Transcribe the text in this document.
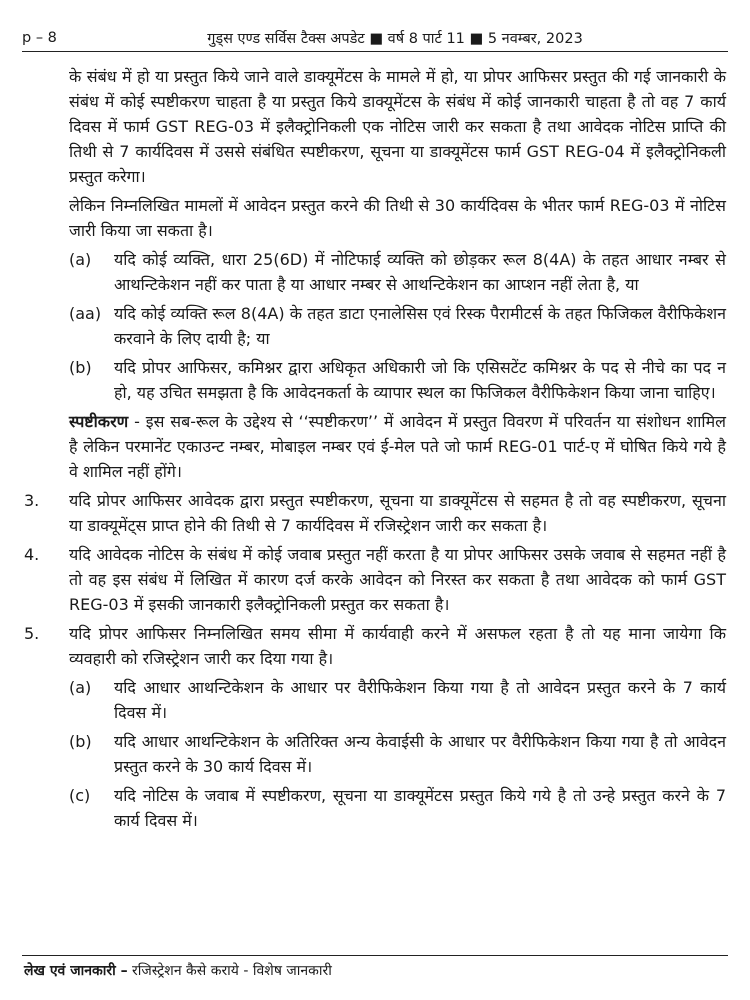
p – 8	गुड्स एण्ड सर्विस टैक्स अपडेट ■ वर्ष 8 पार्ट 11 ■ 5 नवम्बर, 2023

के संबंध में हो या प्रस्तुत किये जाने वाले डाक्यूमेंटस के मामले में हो, या प्रोपर आफिसर प्रस्तुत की गई जानकारी के संबंध में कोई स्पष्टीकरण चाहता है या प्रस्तुत किये डाक्यूमेंटस के संबंध में कोई जानकारी चाहता है तो वह 7 कार्य दिवस में फार्म GST REG-03 में इलैक्ट्रोनिकली एक नोटिस जारी कर सकता है तथा आवेदक नोटिस प्राप्ति की तिथी से 7 कार्यदिवस में उससे संबंधित स्पष्टीकरण, सूचना या डाक्यूमेंटस फार्म GST REG-04 में इलैक्ट्रोनिकली प्रस्तुत करेगा।

लेकिन निम्नलिखित मामलों में आवेदन प्रस्तुत करने की तिथी से 30 कार्यदिवस के भीतर फार्म REG-03 में नोटिस जारी किया जा सकता है।

(a)	यदि कोई व्यक्ति, धारा 25(6D) में नोटिफाई व्यक्ति को छोड़कर रूल 8(4A) के तहत आधार नम्बर से आथन्टिकेशन नहीं कर पाता है या आधार नम्बर से आथन्टिकेशन का आप्शन नहीं लेता है, या
(aa) यदि कोई व्यक्ति रूल 8(4A) के तहत डाटा एनालेसिस एवं रिस्क पैरामीटर्स के तहत फिजिकल वैरीफिकेशन करवाने के लिए दायी है; या
(b)	यदि प्रोपर आफिसर, कमिश्नर द्वारा अधिकृत अधिकारी जो कि एसिसटेंट कमिश्नर के पद से नीचे का पद न हो, यह उचित समझता है कि आवेदनकर्ता के व्यापार स्थल का फिजिकल वैरीफिकेशन किया जाना चाहिए।

स्पष्टीकरण - इस सब-रूल के उद्देश्य से ‘‘स्पष्टीकरण’’ में आवेदन में प्रस्तुत विवरण में परिवर्तन या संशोधन शामिल है लेकिन परमानेंट एकाउन्ट नम्बर, मोबाइल नम्बर एवं ई-मेल पते जो फार्म REG-01 पार्ट-ए में घोषित किये गये है वे शामिल नहीं होंगे।

3.	यदि प्रोपर आफिसर आवेदक द्वारा प्रस्तुत स्पष्टीकरण, सूचना या डाक्यूमेंटस से सहमत है तो वह स्पष्टीकरण, सूचना या डाक्यूमेंट्स प्राप्त होने की तिथी से 7 कार्यदिवस में रजिस्ट्रेशन जारी कर सकता है।
4.	यदि आवेदक नोटिस के संबंध में कोई जवाब प्रस्तुत नहीं करता है या प्रोपर आफिसर उसके जवाब से सहमत नहीं है तो वह इस संबंध में लिखित में कारण दर्ज करके आवेदन को निरस्त कर सकता है तथा आवेदक को फार्म GST REG-03 में इसकी जानकारी इलैक्ट्रोनिकली प्रस्तुत कर सकता है।
5.	यदि प्रोपर आफिसर निम्नलिखित समय सीमा में कार्यवाही करने में असफल रहता है तो यह माना जायेगा कि व्यवहारी को रजिस्ट्रेशन जारी कर दिया गया है।
(a)	यदि आधार आथन्टिकेशन के आधार पर वैरीफिकेशन किया गया है तो आवेदन प्रस्तुत करने के 7 कार्य दिवस में।
(b)	यदि आधार आथन्टिकेशन के अतिरिक्त अन्य केवाईसी के आधार पर वैरीफिकेशन किया गया है तो आवेदन प्रस्तुत करने के 30 कार्य दिवस में।
(c)	यदि नोटिस के जवाब में स्पष्टीकरण, सूचना या डाक्यूमेंटस प्रस्तुत किये गये है तो उन्हे प्रस्तुत करने के 7 कार्य दिवस में।
लेख एवं जानकारी – रजिस्ट्रेशन कैसे कराये - विशेष जानकारी
